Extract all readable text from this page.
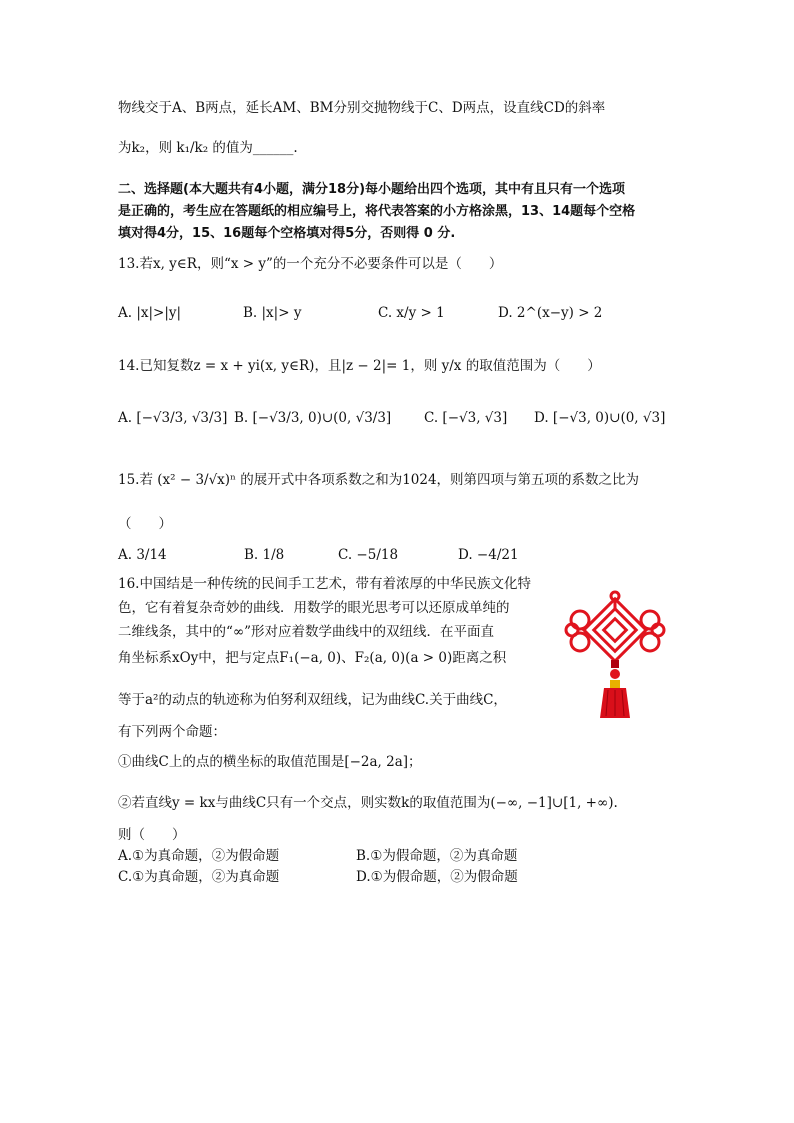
物线交于A、B两点，延长AM、BM分别交抛物线于C、D两点，设直线CD的斜率
为k₂，则 k₁/k₂ 的值为______.
二、选择题(本大题共有4小题，满分18分)每小题给出四个选项，其中有且只有一个选项
是正确的，考生应在答题纸的相应编号上，将代表答案的小方格涂黑，13、14题每个空格
填对得4分，15、16题每个空格填对得5分，否则得 0 分.
13.若x, y∈R，则“x > y”的一个充分不必要条件可以是（　　）
A. |x|>|y|	B. |x|> y	C. x/y > 1	D. 2^(x−y) > 2
14.已知复数z = x + yi(x, y∈R)，且|z − 2|= 1，则 y/x 的取值范围为（　　）
A. [−√3/3, √3/3] B. [−√3/3, 0)∪(0, √3/3] C. [−√3, √3] D. [−√3, 0)∪(0, √3]
15.若 (x² − 3/√x)ⁿ 的展开式中各项系数之和为1024，则第四项与第五项的系数之比为
（　　）
A. 3/14	B. 1/8	C. −5/18	D. −4/21
16.中国结是一种传统的民间手工艺术，带有着浓厚的中华民族文化特
色，它有着复杂奇妙的曲线．用数学的眼光思考可以还原成单纯的
二维线条，其中的“∞”形对应着数学曲线中的双纽线．在平面直
角坐标系xOy中，把与定点F₁(−a, 0)、F₂(a, 0)(a > 0)距离之积
等于a²的动点的轨迹称为伯努利双纽线，记为曲线C.关于曲线C，
有下列两个命题：
①曲线C上的点的横坐标的取值范围是[−2a, 2a]；
②若直线y = kx与曲线C只有一个交点，则实数k的取值范围为(−∞, −1]∪[1, +∞).
则（　　）
A.①为真命题，②为假命题	B.①为假命题，②为真命题
C.①为真命题，②为真命题	D.①为假命题，②为假命题
